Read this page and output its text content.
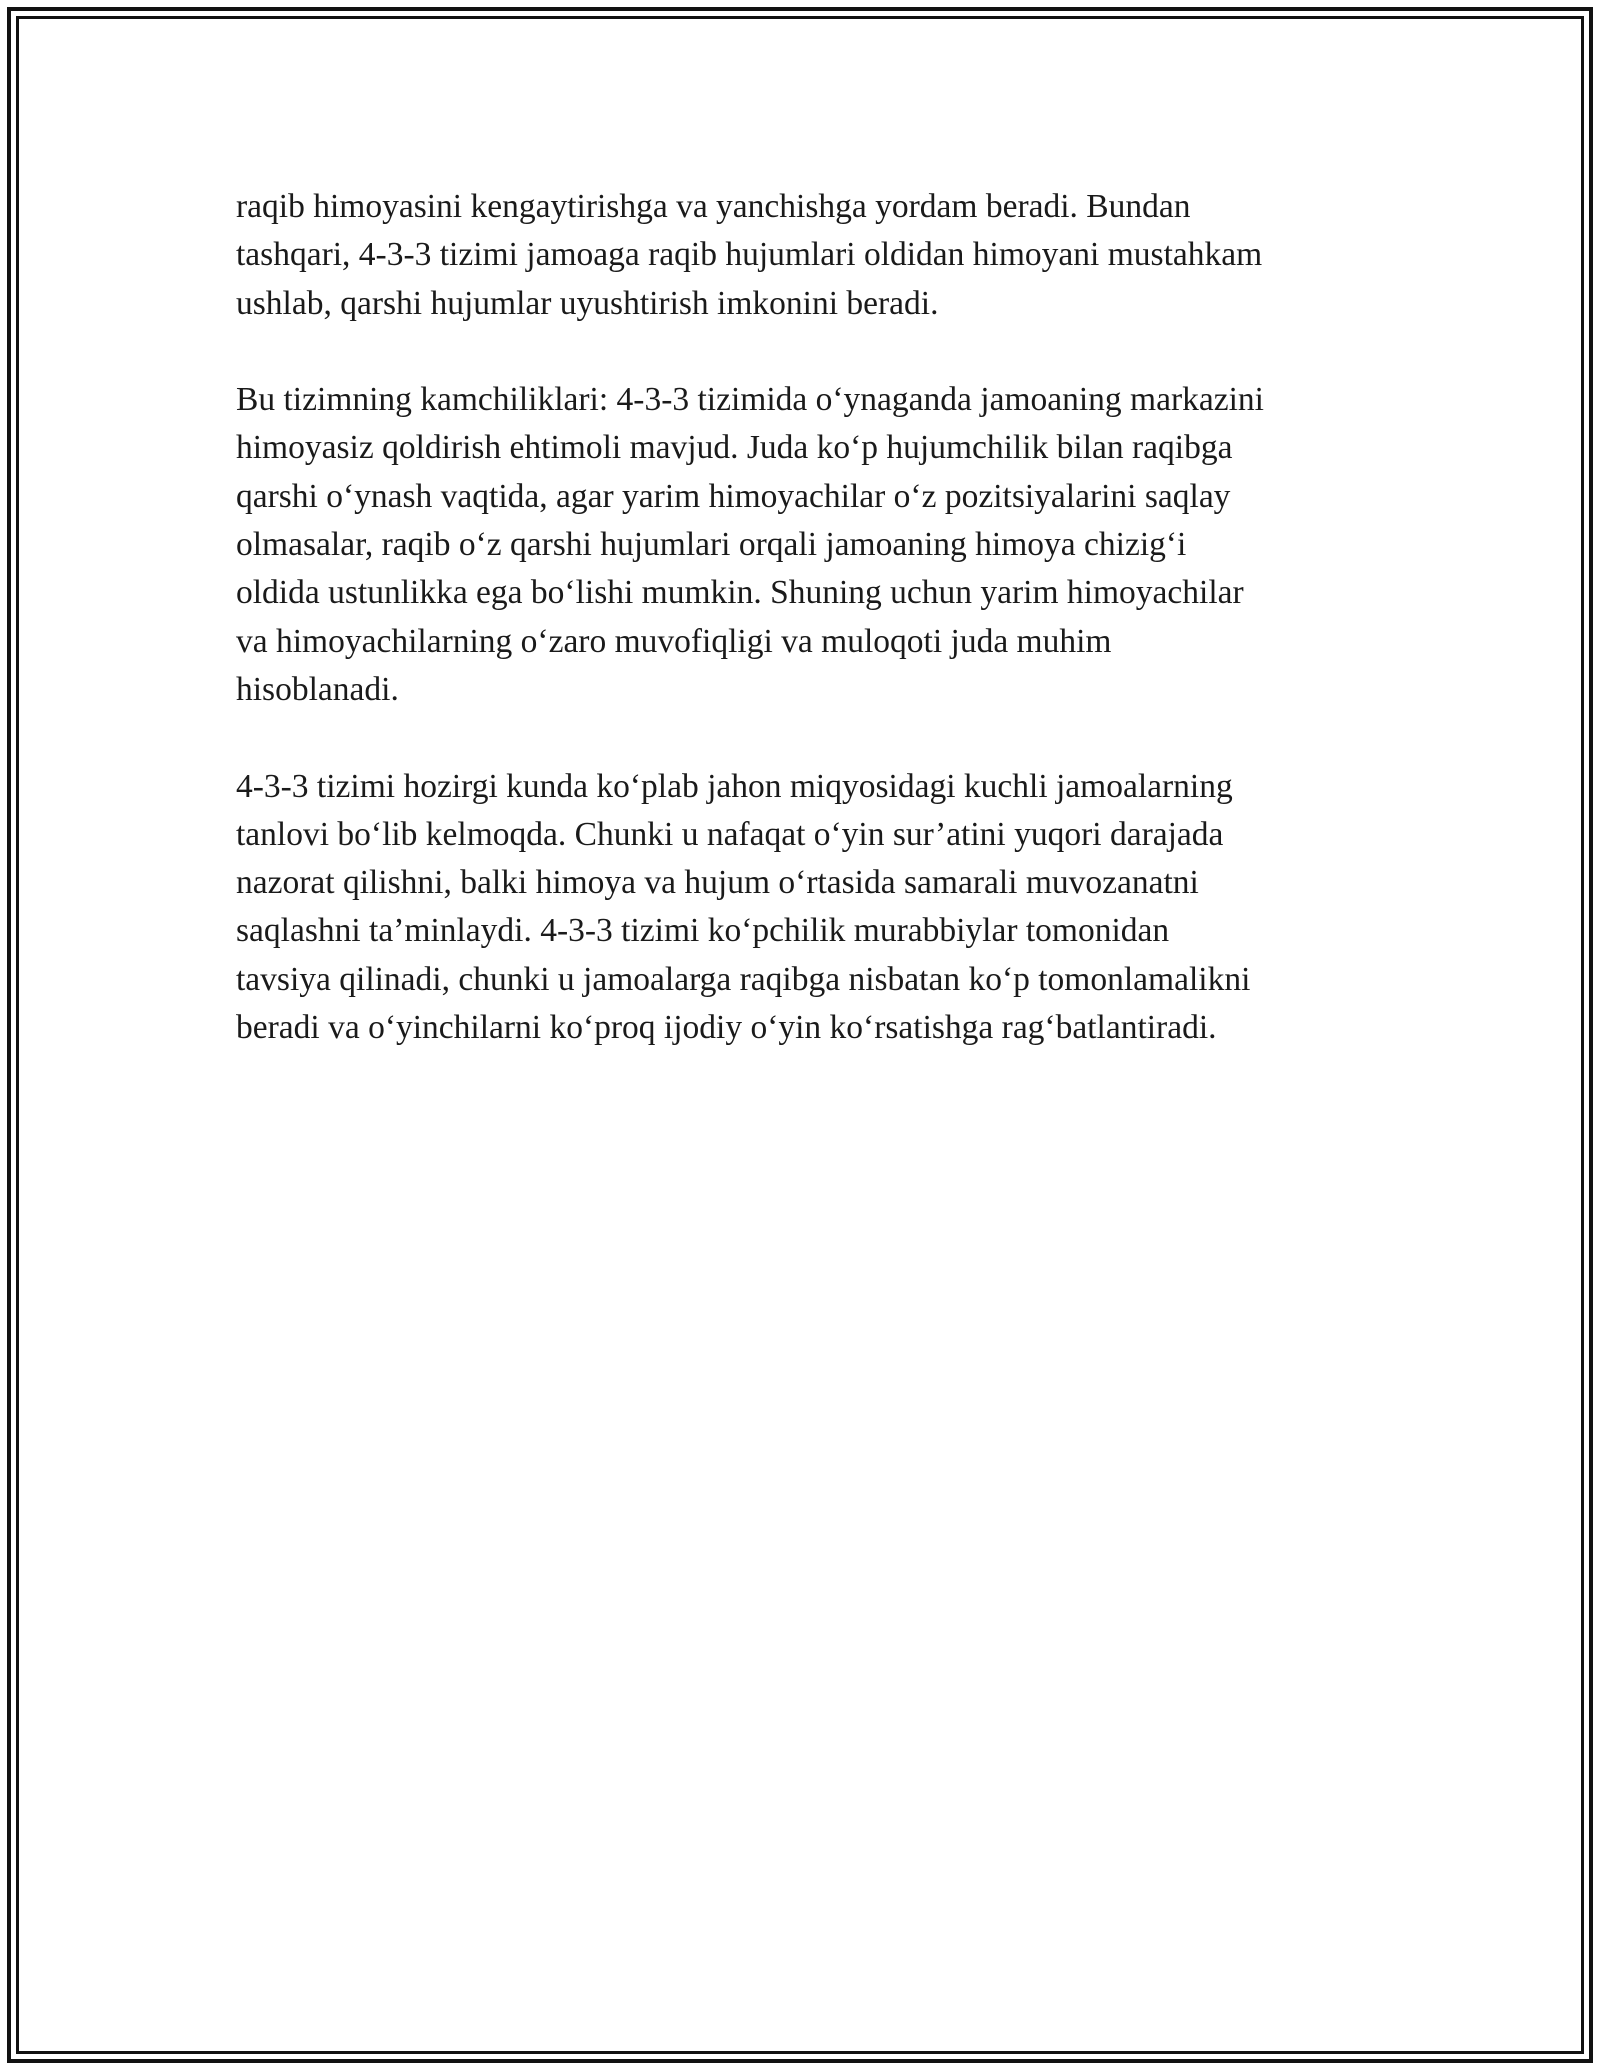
raqib himoyasini kengaytirishga va yanchishga yordam beradi. Bundan
tashqari, 4-3-3 tizimi jamoaga raqib hujumlari oldidan himoyani mustahkam
ushlab, qarshi hujumlar uyushtirish imkonini beradi.

Bu tizimning kamchiliklari: 4-3-3 tizimida o‘ynaganda jamoaning markazini
himoyasiz qoldirish ehtimoli mavjud. Juda ko‘p hujumchilik bilan raqibga
qarshi o‘ynash vaqtida, agar yarim himoyachilar o‘z pozitsiyalarini saqlay
olmasalar, raqib o‘z qarshi hujumlari orqali jamoaning himoya chizig‘i
oldida ustunlikka ega bo‘lishi mumkin. Shuning uchun yarim himoyachilar
va himoyachilarning o‘zaro muvofiqligi va muloqoti juda muhim
hisoblanadi.

4-3-3 tizimi hozirgi kunda ko‘plab jahon miqyosidagi kuchli jamoalarning
tanlovi bo‘lib kelmoqda. Chunki u nafaqat o‘yin sur’atini yuqori darajada
nazorat qilishni, balki himoya va hujum o‘rtasida samarali muvozanatni
saqlashni ta’minlaydi. 4-3-3 tizimi ko‘pchilik murabbiylar tomonidan
tavsiya qilinadi, chunki u jamoalarga raqibga nisbatan ko‘p tomonlamalikni
beradi va o‘yinchilarni ko‘proq ijodiy o‘yin ko‘rsatishga rag‘batlantiradi.
